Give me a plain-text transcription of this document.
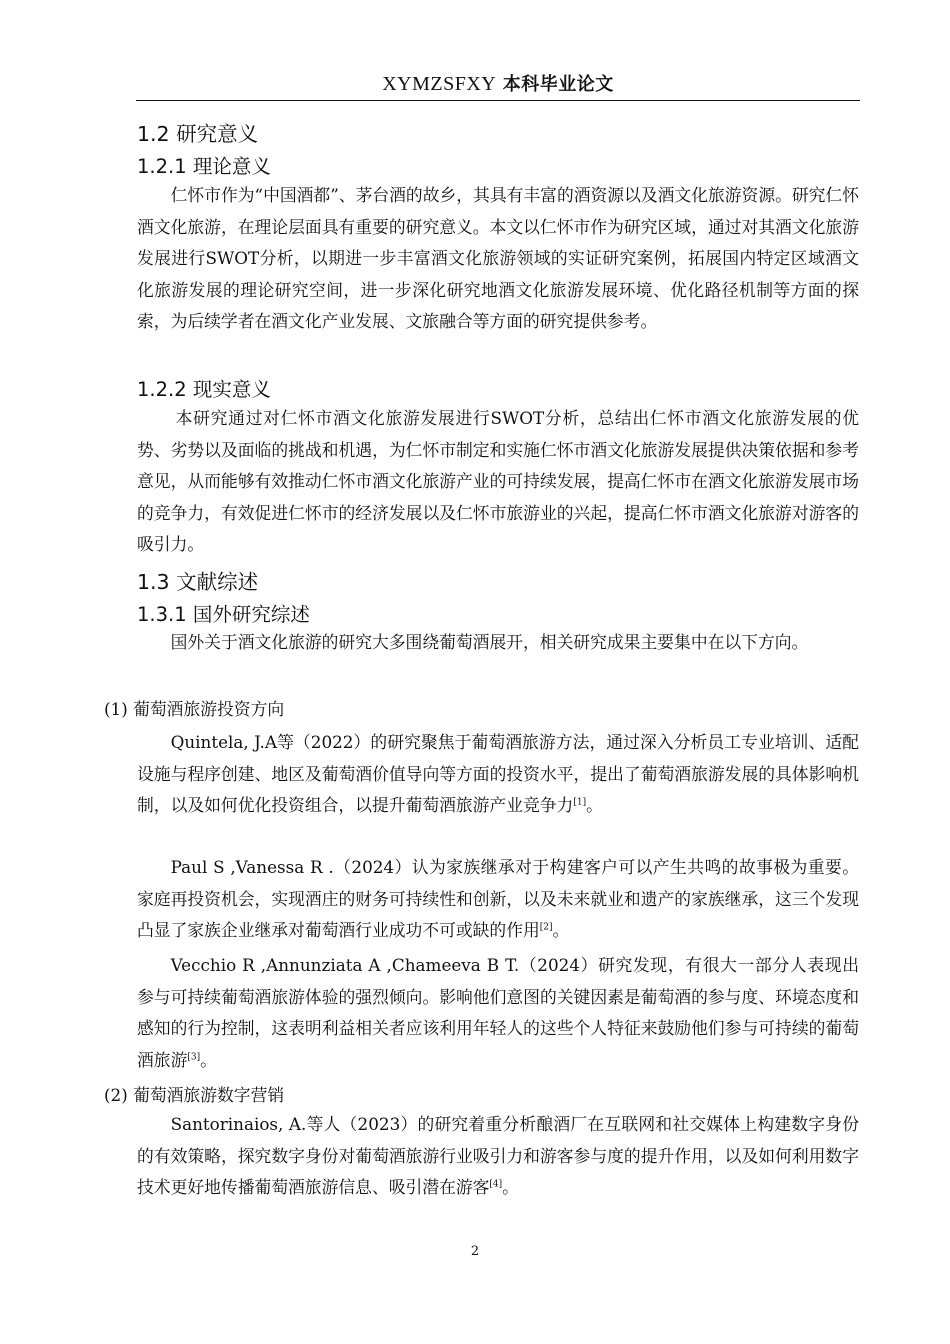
XYMZSFXY 本科毕业论文
1.2 研究意义
1.2.1 理论意义

仁怀市作为“中国酒都”、茅台酒的故乡，其具有丰富的酒资源以及酒文化旅游资源。研究仁怀酒文化旅游，在理论层面具有重要的研究意义。本文以仁怀市作为研究区域，通过对其酒文化旅游发展进行SWOT分析，以期进一步丰富酒文化旅游领域的实证研究案例，拓展国内特定区域酒文化旅游发展的理论研究空间，进一步深化研究地酒文化旅游发展环境、优化路径机制等方面的探索，为后续学者在酒文化产业发展、文旅融合等方面的研究提供参考。

1.2.2 现实意义

本研究通过对仁怀市酒文化旅游发展进行SWOT分析，总结出仁怀市酒文化旅游发展的优势、劣势以及面临的挑战和机遇，为仁怀市制定和实施仁怀市酒文化旅游发展提供决策依据和参考意见，从而能够有效推动仁怀市酒文化旅游产业的可持续发展，提高仁怀市在酒文化旅游发展市场的竞争力，有效促进仁怀市的经济发展以及仁怀市旅游业的兴起，提高仁怀市酒文化旅游对游客的吸引力。

1.3 文献综述
1.3.1 国外研究综述

国外关于酒文化旅游的研究大多围绕葡萄酒展开，相关研究成果主要集中在以下方向。

(1) 葡萄酒旅游投资方向

Quintela, J.A等（2022）的研究聚焦于葡萄酒旅游方法，通过深入分析员工专业培训、适配设施与程序创建、地区及葡萄酒价值导向等方面的投资水平，提出了葡萄酒旅游发展的具体影响机制，以及如何优化投资组合，以提升葡萄酒旅游产业竞争力[1]。

Paul S ,Vanessa R .（2024）认为家族继承对于构建客户可以产生共鸣的故事极为重要。家庭再投资机会，实现酒庄的财务可持续性和创新，以及未来就业和遗产的家族继承，这三个发现凸显了家族企业继承对葡萄酒行业成功不可或缺的作用[2]。

Vecchio R ,Annunziata A ,Chameeva B T.（2024）研究发现，有很大一部分人表现出参与可持续葡萄酒旅游体验的强烈倾向。影响他们意图的关键因素是葡萄酒的参与度、环境态度和感知的行为控制，这表明利益相关者应该利用年轻人的这些个人特征来鼓励他们参与可持续的葡萄酒旅游[3]。

(2) 葡萄酒旅游数字营销

Santorinaios, A.等人（2023）的研究着重分析酿酒厂在互联网和社交媒体上构建数字身份的有效策略，探究数字身份对葡萄酒旅游行业吸引力和游客参与度的提升作用，以及如何利用数字技术更好地传播葡萄酒旅游信息、吸引潜在游客[4]。

2
